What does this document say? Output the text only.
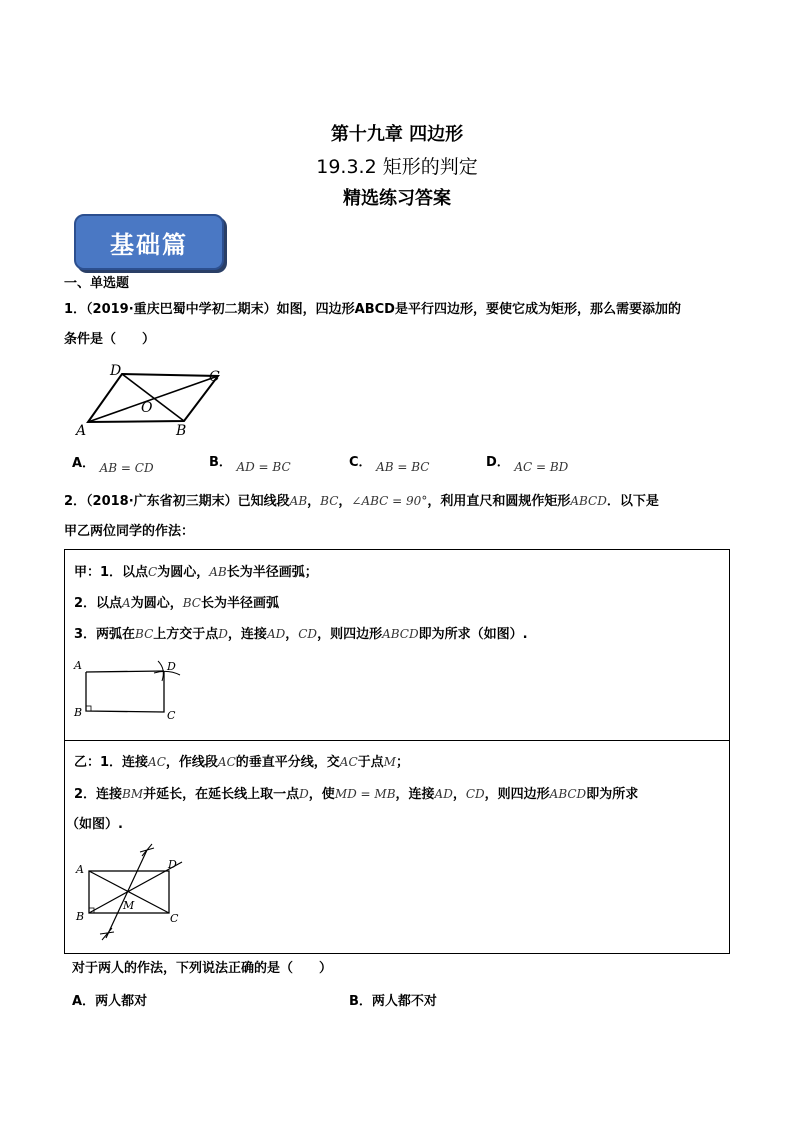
第十九章 四边形
19.3.2 矩形的判定
精选练习答案
基础篇
一、单选题
1．（2019·重庆巴蜀中学初二期末）如图，四边形ABCD是平行四边形，要使它成为矩形，那么需要添加的
条件是（　　）
D	C
O
A	B
A． AB = CD	B． AD = BC	C． AB = BC	D． AC = BD
2．（2018·广东省初三期末）已知线段AB，BC，∠ABC = 90°，利用直尺和圆规作矩形ABCD．以下是
甲乙两位同学的作法：
甲：1．以点C为圆心，AB长为半径画弧；
2．以点A为圆心，BC长为半径画弧
3．两弧在BC上方交于点D，连接AD，CD，则四边形ABCD即为所求（如图）.
A	D
B	C
乙：1．连接AC，作线段AC的垂直平分线，交AC于点M；
2．连接BM并延长，在延长线上取一点D，使MD = MB，连接AD，CD，则四边形ABCD即为所求
（如图）.
A	D
B
M
C
对于两人的作法，下列说法正确的是（　　）
A．两人都对	B．两人都不对
